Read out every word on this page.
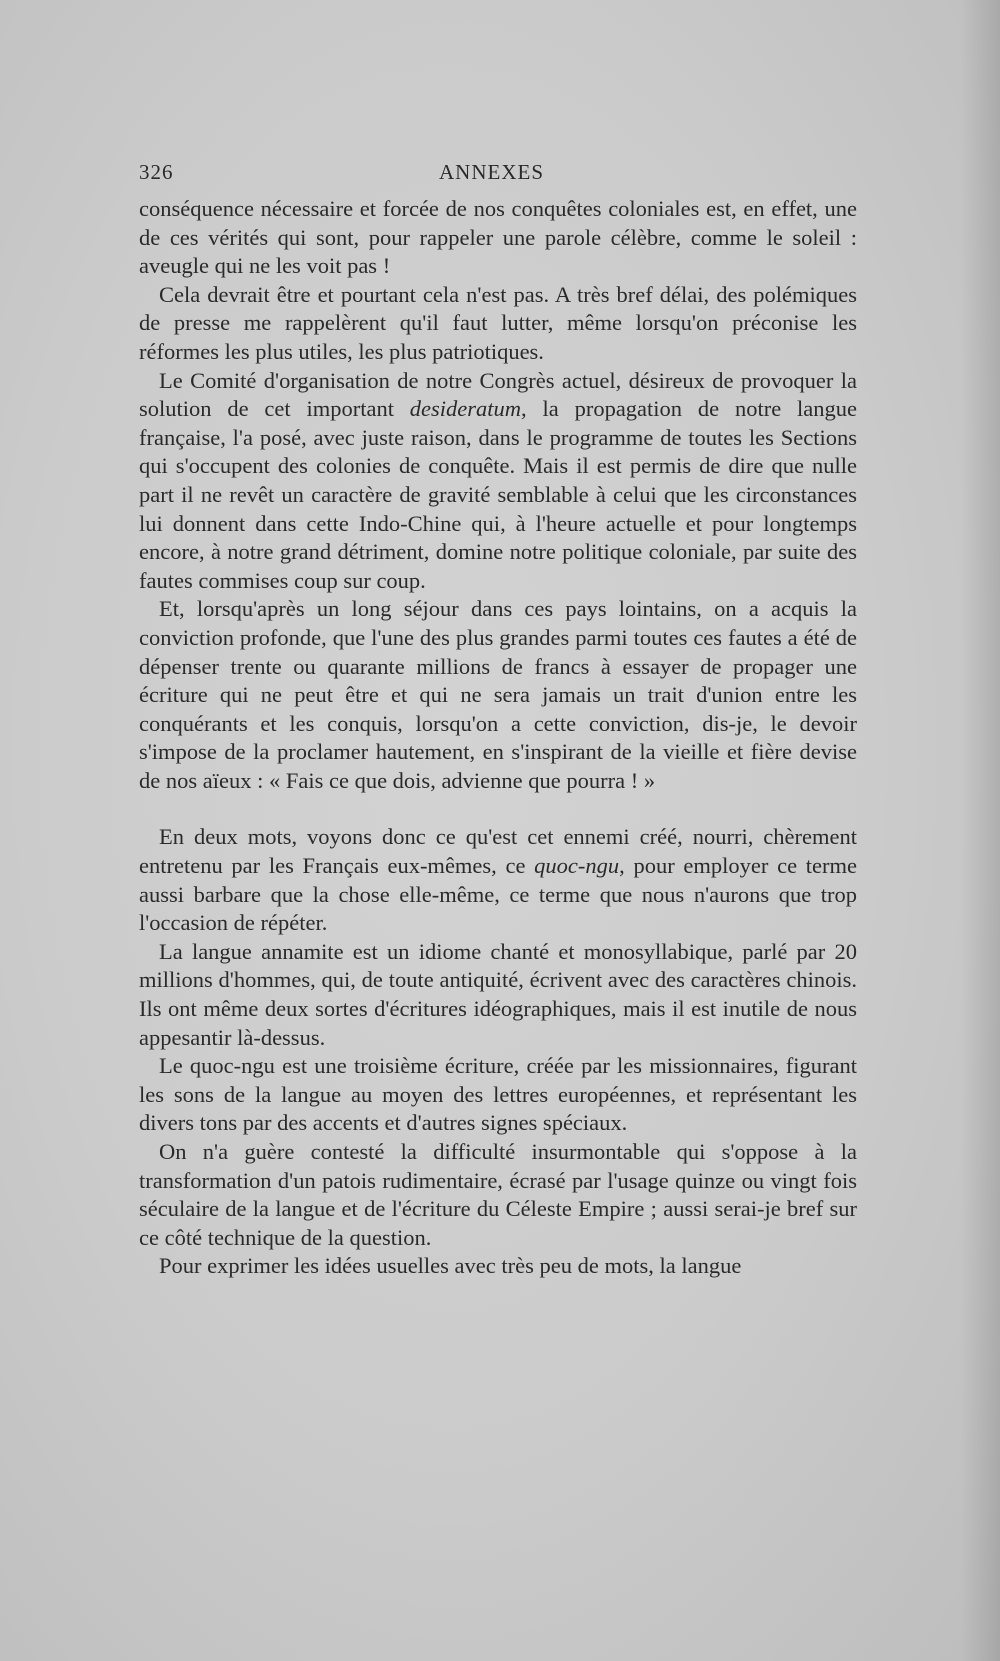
326	ANNEXES

conséquence nécessaire et forcée de nos conquêtes coloniales est, en effet, une de ces vérités qui sont, pour rappeler une parole célèbre, comme le soleil : aveugle qui ne les voit pas !

Cela devrait être et pourtant cela n'est pas. A très bref délai, des polémiques de presse me rappelèrent qu'il faut lutter, même lorsqu'on préconise les réformes les plus utiles, les plus patriotiques.

Le Comité d'organisation de notre Congrès actuel, désireux de provoquer la solution de cet important desideratum, la propagation de notre langue française, l'a posé, avec juste raison, dans le programme de toutes les Sections qui s'occupent des colonies de conquête. Mais il est permis de dire que nulle part il ne revêt un caractère de gravité semblable à celui que les circonstances lui donnent dans cette Indo-Chine qui, à l'heure actuelle et pour longtemps encore, à notre grand détriment, domine notre politique coloniale, par suite des fautes commises coup sur coup.

Et, lorsqu'après un long séjour dans ces pays lointains, on a acquis la conviction profonde, que l'une des plus grandes parmi toutes ces fautes a été de dépenser trente ou quarante millions de francs à essayer de propager une écriture qui ne peut être et qui ne sera jamais un trait d'union entre les conquérants et les conquis, lorsqu'on a cette conviction, dis-je, le devoir s'impose de la proclamer hautement, en s'inspirant de la vieille et fière devise de nos aïeux : « Fais ce que dois, advienne que pourra ! »

En deux mots, voyons donc ce qu'est cet ennemi créé, nourri, chèrement entretenu par les Français eux-mêmes, ce quoc-ngu, pour employer ce terme aussi barbare que la chose elle-même, ce terme que nous n'aurons que trop l'occasion de répéter.

La langue annamite est un idiome chanté et monosyllabique, parlé par 20 millions d'hommes, qui, de toute antiquité, écrivent avec des caractères chinois. Ils ont même deux sortes d'écritures idéographiques, mais il est inutile de nous appesantir là-dessus.

Le quoc-ngu est une troisième écriture, créée par les missionnaires, figurant les sons de la langue au moyen des lettres européennes, et représentant les divers tons par des accents et d'autres signes spéciaux.

On n'a guère contesté la difficulté insurmontable qui s'oppose à la transformation d'un patois rudimentaire, écrasé par l'usage quinze ou vingt fois séculaire de la langue et de l'écriture du Céleste Empire ; aussi serai-je bref sur ce côté technique de la question.

Pour exprimer les idées usuelles avec très peu de mots, la langue
